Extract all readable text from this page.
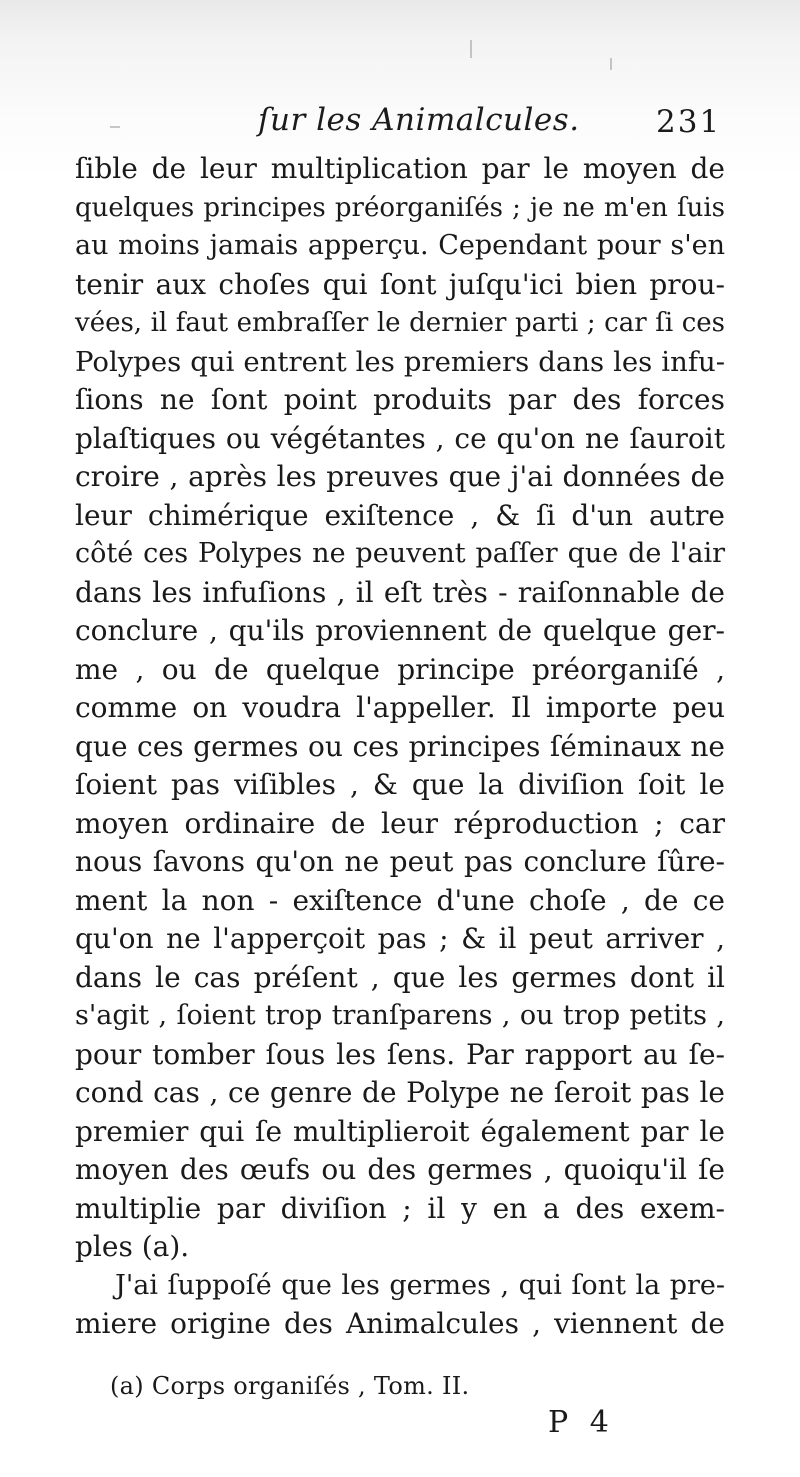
ſur les Animalcules. 231
ſible de leur multiplication par le moyen de
quelques principes préorganiſés ; je ne m'en ſuis
au moins jamais apperçu. Cependant pour s'en
tenir aux choſes qui ſont juſqu'ici bien prou-
vées, il faut embraſſer le dernier parti ; car ſi ces
Polypes qui entrent les premiers dans les infu-
ſions ne ſont point produits par des forces
plaſtiques ou végétantes , ce qu'on ne ſauroit
croire , après les preuves que j'ai données de
leur chimérique exiſtence , & ſi d'un autre
côté ces Polypes ne peuvent paſſer que de l'air
dans les infuſions , il eſt très - raiſonnable de
conclure , qu'ils proviennent de quelque ger-
me , ou de quelque principe préorganiſé ,
comme on voudra l'appeller. Il importe peu
que ces germes ou ces principes ſéminaux ne
ſoient pas viſibles , & que la diviſion ſoit le
moyen ordinaire de leur réproduction ; car
nous ſavons qu'on ne peut pas conclure ſûre-
ment la non - exiſtence d'une choſe , de ce
qu'on ne l'apperçoit pas ; & il peut arriver ,
dans le cas préſent , que les germes dont il
s'agit , ſoient trop tranſparens , ou trop petits ,
pour tomber ſous les ſens. Par rapport au ſe-
cond cas , ce genre de Polype ne ſeroit pas le
premier qui ſe multiplieroit également par le
moyen des œufs ou des germes , quoiqu'il ſe
multiplie par diviſion ; il y en a des exem-
ples (a).
J'ai ſuppoſé que les germes , qui ſont la pre-
miere origine des Animalcules , viennent de
(a) Corps organiſés , Tom. II.
P 4
